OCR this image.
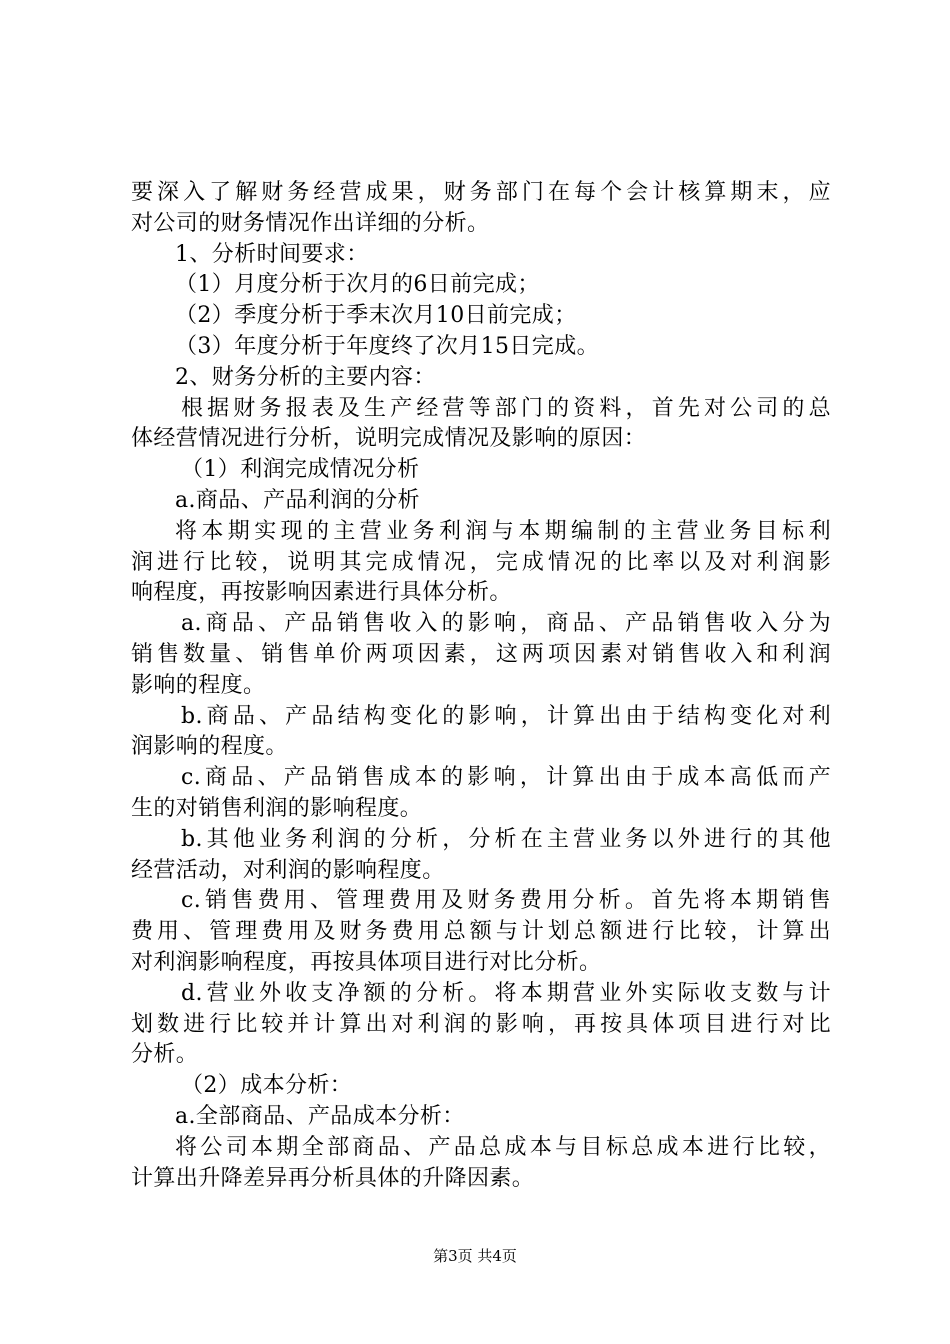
要深入了解财务经营成果，财务部门在每个会计核算期末，应
对公司的财务情况作出详细的分析。
1、分析时间要求：
（1）月度分析于次月的6日前完成；
（2）季度分析于季末次月10日前完成；
（3）年度分析于年度终了次月15日完成。
2、财务分析的主要内容：
根据财务报表及生产经营等部门的资料，首先对公司的总
体经营情况进行分析，说明完成情况及影响的原因：
（1）利润完成情况分析
a.商品、产品利润的分析
将本期实现的主营业务利润与本期编制的主营业务目标利
润进行比较，说明其完成情况，完成情况的比率以及对利润影
响程度，再按影响因素进行具体分析。
a.商品、产品销售收入的影响，商品、产品销售收入分为
销售数量、销售单价两项因素，这两项因素对销售收入和利润
影响的程度。
b.商品、产品结构变化的影响，计算出由于结构变化对利
润影响的程度。
c.商品、产品销售成本的影响，计算出由于成本高低而产
生的对销售利润的影响程度。
b.其他业务利润的分析，分析在主营业务以外进行的其他
经营活动，对利润的影响程度。
c.销售费用、管理费用及财务费用分析。首先将本期销售
费用、管理费用及财务费用总额与计划总额进行比较，计算出
对利润影响程度，再按具体项目进行对比分析。
d.营业外收支净额的分析。将本期营业外实际收支数与计
划数进行比较并计算出对利润的影响，再按具体项目进行对比
分析。
（2）成本分析：
a.全部商品、产品成本分析：
将公司本期全部商品、产品总成本与目标总成本进行比较，
计算出升降差异再分析具体的升降因素。
第3页 共4页
